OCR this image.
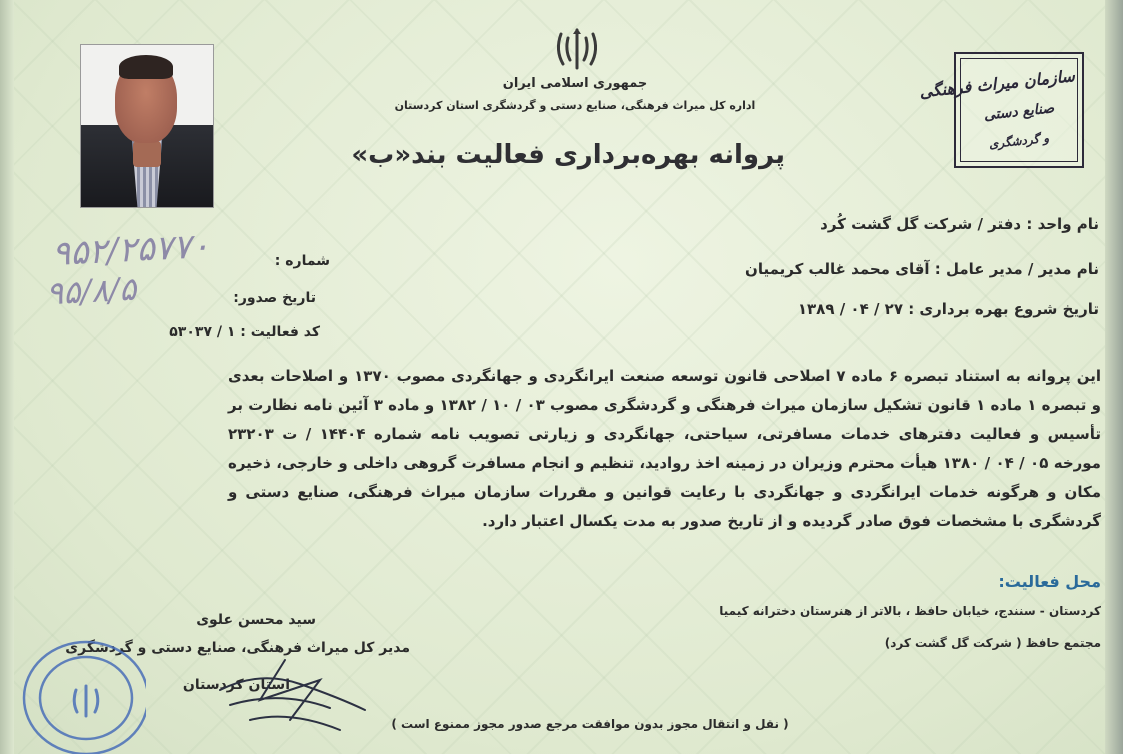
جمهوری اسلامی ایران
اداره کل میراث فرهنگی، صنایع دستی و گردشگری استان کردستان
پروانه بهره‌برداری فعالیت بند«ب»
سازمان میراث فرهنگی
صنایع دستی
و گردشگری
نام واحد : دفتر / شرکت گل گشت کُرد
نام مدیر / مدیر عامل : آقای محمد غالب کریمیان
تاریخ شروع بهره برداری : ۲۷ / ۰۴ / ۱۳۸۹
شماره :
۹۵۲/۲۵۷۷۰
تاریخ صدور:
۹۵/۸/۵
کد فعالیت : ۱ / ۵۳۰۳۷
این پروانه به استناد تبصره ۶ ماده ۷ اصلاحی قانون توسعه صنعت ایرانگردی و جهانگردی مصوب ۱۳۷۰ و اصلاحات بعدی و تبصره ۱ ماده ۱ قانون تشکیل سازمان میراث فرهنگی و گردشگری مصوب ۰۳ / ۱۰ / ۱۳۸۲ و ماده ۳ آئین نامه نظارت بر تأسیس و فعالیت دفترهای خدمات مسافرتی، سیاحتی، جهانگردی و زیارتی تصویب نامه شماره ۱۴۴۰۴ / ت ۲۳۲۰۳ مورخه ۰۵ / ۰۴ / ۱۳۸۰ هیأت محترم وزیران در زمینه اخذ روادید، تنظیم و انجام مسافرت گروهی داخلی و خارجی، ذخیره مکان و هرگونه خدمات ایرانگردی و جهانگردی با رعایت قوانین و مقررات سازمان میراث فرهنگی، صنایع دستی و گردشگری با مشخصات فوق صادر گردیده و از تاریخ صدور به مدت یکسال اعتبار دارد.
محل فعالیت:
کردستان - سنندج، خیابان حافظ ، بالاتر از هنرستان دخترانه کیمیا
مجتمع حافظ ( شرکت گل گشت کرد)
سید محسن علوی
مدیر کل میراث فرهنگی، صنایع دستی و گردشگری
استان کردستان
( نقل و انتقال مجوز بدون موافقت مرجع صدور مجوز ممنوع است )
